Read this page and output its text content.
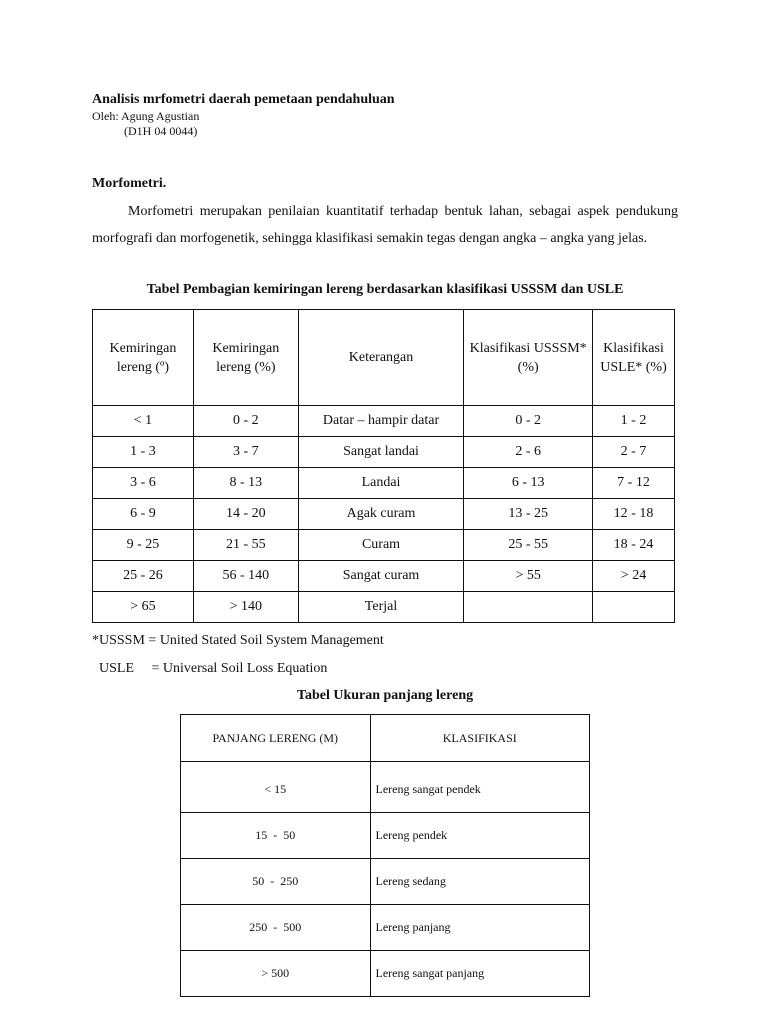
Analisis mrfometri daerah pemetaan pendahuluan
Oleh: Agung Agustian
(D1H 04 0044)
Morfometri.

Morfometri merupakan penilaian kuantitatif terhadap bentuk lahan, sebagai aspek pendukung morfografi dan morfogenetik, sehingga klasifikasi semakin tegas dengan angka – angka yang jelas.

Tabel Pembagian kemiringan lereng berdasarkan klasifikasi USSSM dan USLE
Kemiringan lereng (º)	Kemiringan lereng (%)	Keterangan	Klasifikasi USSSM* (%)	Klasifikasi USLE* (%)
< 1	0 - 2	Datar – hampir datar	0 - 2	1 - 2
1 - 3	3 - 7	Sangat landai	2 - 6	2 - 7
3 - 6	8 - 13	Landai	6 - 13	7 - 12
6 - 9	14 - 20	Agak curam	13 - 25	12 - 18
9 - 25	21 - 55	Curam	25 - 55	18 - 24
25 - 26	56 - 140	Sangat curam	> 55	> 24
> 65	> 140	Terjal		
*USSSM = United Stated Soil System Management
USLE     = Universal Soil Loss Equation
Tabel Ukuran panjang lereng
PANJANG LERENG (M)	KLASIFIKASI
< 15	Lereng sangat pendek
15  -  50	Lereng pendek
50  -  250	Lereng sedang
250  -  500	Lereng panjang
> 500	Lereng sangat panjang
